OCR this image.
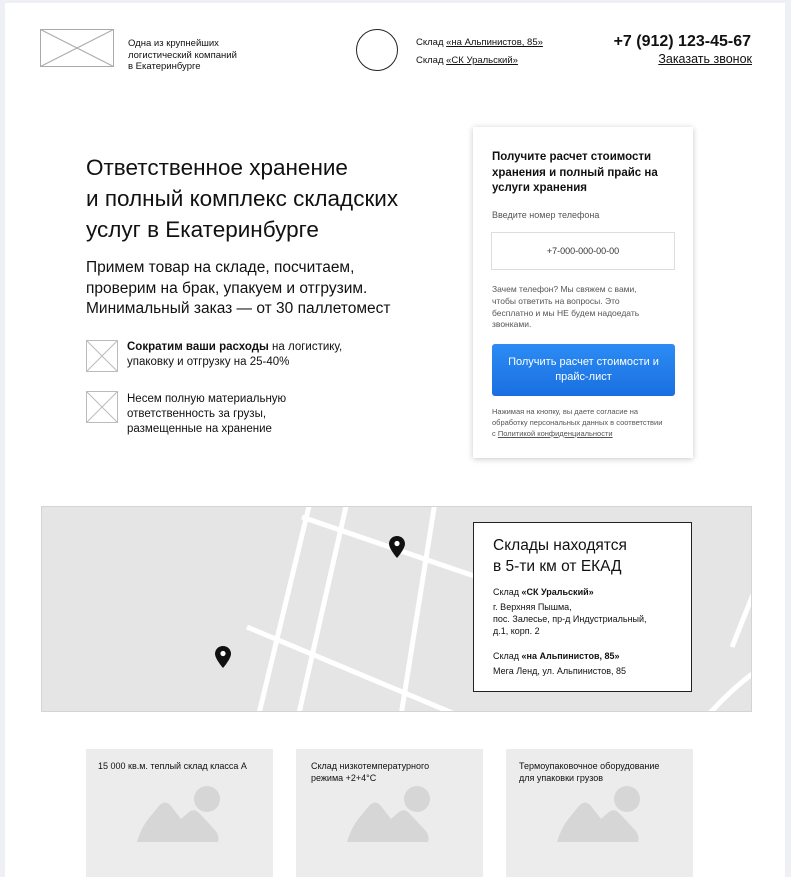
Одна из крупнейших
логистический компаний
в Екатеринбурге
Склад «на Альпинистов, 85»
Склад «СК Уральский»
+7 (912) 123-45-67
Заказать звонок
Ответственное хранение
и полный комплекс складских
услуг в Екатеринбурге
Примем товар на складе, посчитаем,
проверим на брак, упакуем и отгрузим.
Минимальный заказ — от 30 паллетомест
Сократим ваши расходы на логистику,
упаковку и отгрузку на 25-40%
Несем полную материальную
ответственность за грузы,
размещенные на хранение
Получите расчет стоимости
хранения и полный прайс на
услуги хранения
Введите номер телефона
+7-000-000-00-00
Зачем телефон? Мы свяжем с вами,
чтобы ответить на вопросы. Это
бесплатно и мы НЕ будем надоедать
звонками.
Получить расчет стоимости и
прайс-лист
Нажимая на кнопку, вы даете согласие на
обработку персональных данных в соответствии
с Политикой конфиденциальности
Склады находятся
в 5-ти км от ЕКАД
Склад «СК Уральский»
г. Верхняя Пышма,
пос. Залесье, пр-д Индустриальный,
д.1, корп. 2
Склад «на Альпинистов, 85»
Мега Ленд, ул. Альпинистов, 85
15 000 кв.м. теплый склад класса А	Склад низкотемпературного
режима +2+4°С
Термоупаковочное оборудование
для упаковки грузов
